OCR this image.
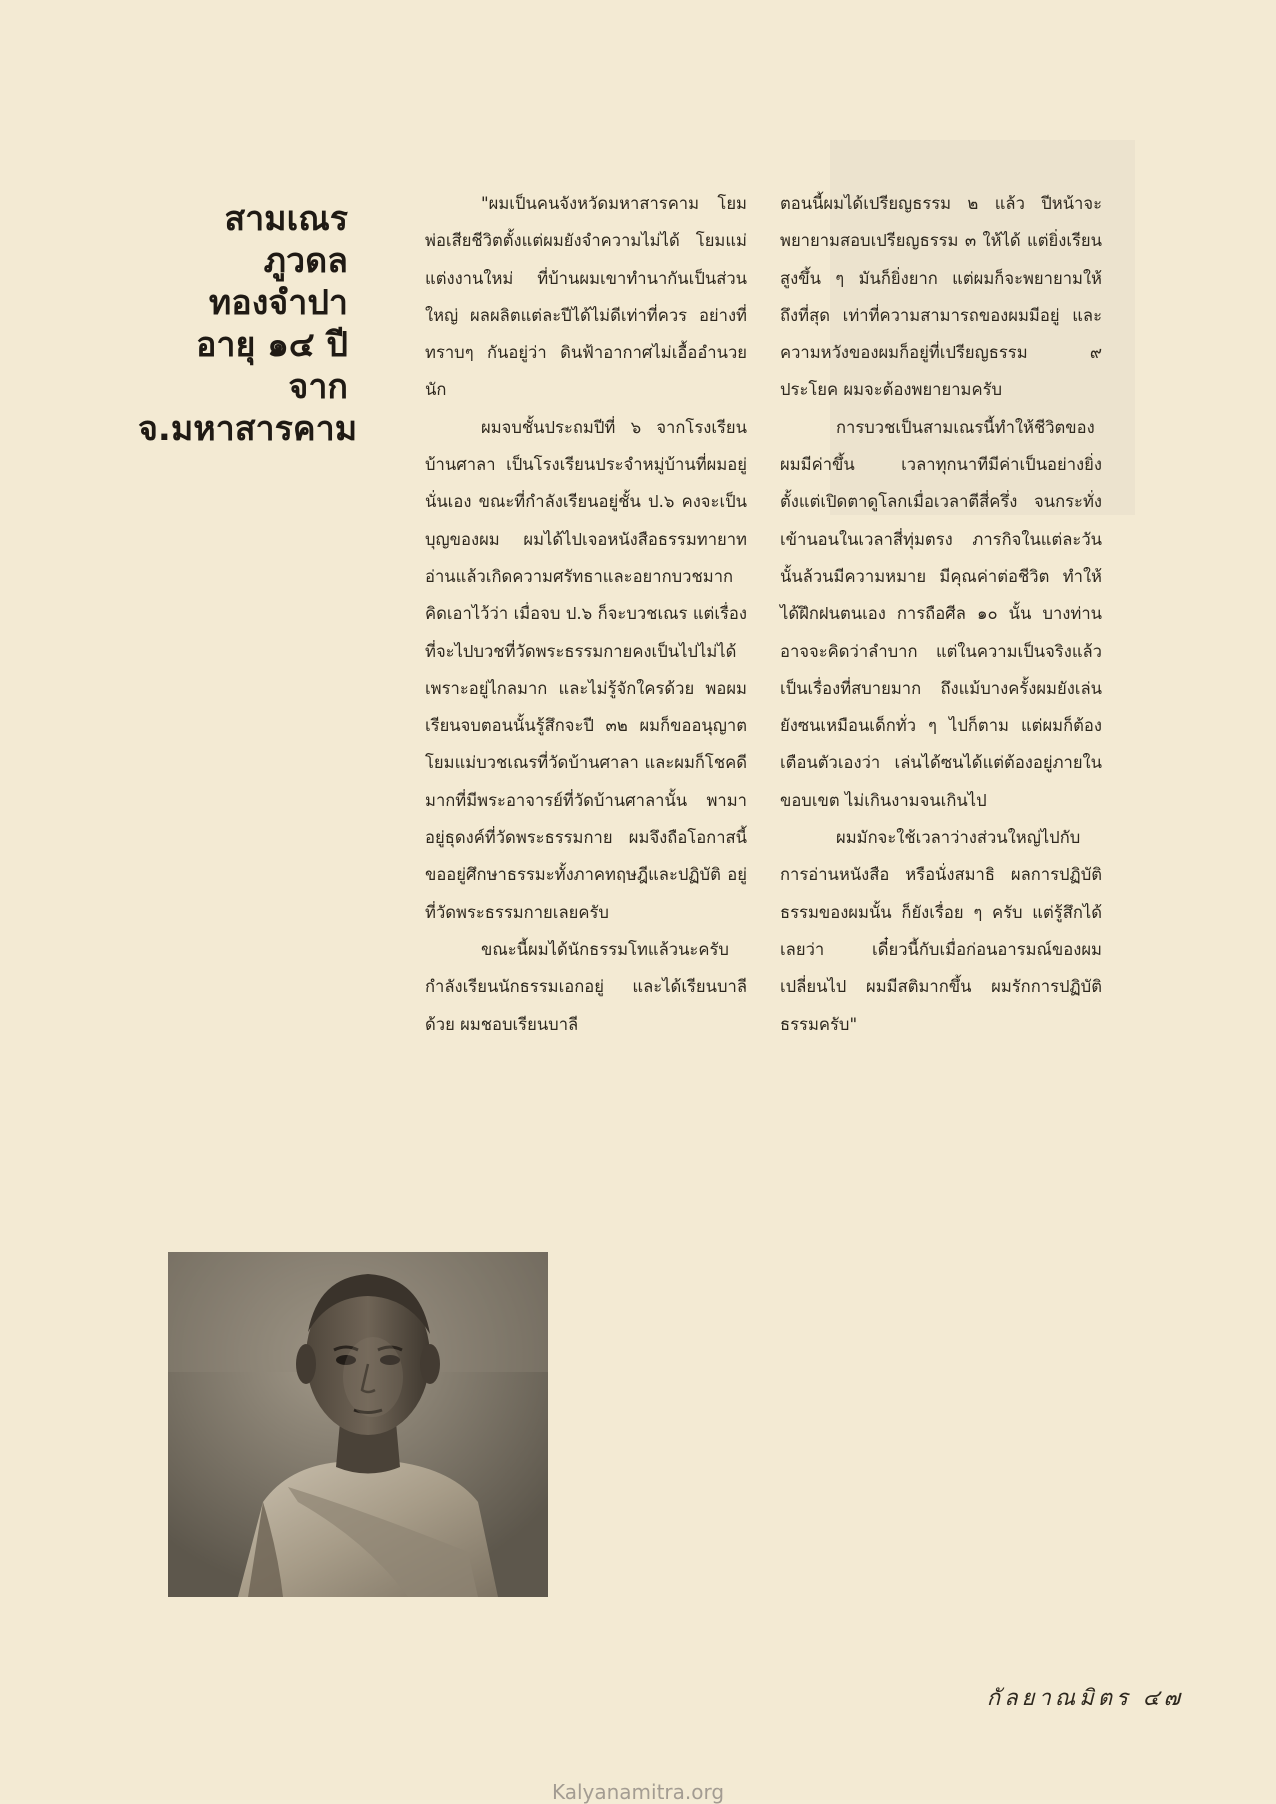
สามเณร
ภูวดล
ทองจำปา
อายุ ๑๔ ปี
จาก
จ.มหาสารคาม

"ผมเป็นคนจังหวัดมหาสารคาม โยมพ่อเสียชีวิตตั้งแต่ผมยังจำความไม่ได้ โยมแม่แต่งงานใหม่ ที่บ้านผมเขาทำนากันเป็นส่วนใหญ่ ผลผลิตแต่ละปีได้ไม่ดีเท่าที่ควร อย่างที่ทราบๆ กันอยู่ว่า ดินฟ้าอากาศไม่เอื้ออำนวยนัก

ผมจบชั้นประถมปีที่ ๖ จากโรงเรียนบ้านศาลา เป็นโรงเรียนประจำหมู่บ้านที่ผมอยู่นั่นเอง ขณะที่กำลังเรียนอยู่ชั้น ป.๖ คงจะเป็นบุญของผม ผมได้ไปเจอหนังสือธรรมทายาท อ่านแล้วเกิดความศรัทธาและอยากบวชมาก คิดเอาไว้ว่า เมื่อจบ ป.๖ ก็จะบวชเณร แต่เรื่องที่จะไปบวชที่วัดพระธรรมกายคงเป็นไปไม่ได้ เพราะอยู่ไกลมาก และไม่รู้จักใครด้วย พอผมเรียนจบตอนนั้นรู้สึกจะปี ๓๒ ผมก็ขออนุญาตโยมแม่บวชเณรที่วัดบ้านศาลา และผมก็โชคดีมากที่มีพระอาจารย์ที่วัดบ้านศาลานั้น พามาอยู่ธุดงค์ที่วัดพระธรรมกาย ผมจึงถือโอกาสนี้ ขออยู่ศึกษาธรรมะทั้งภาคทฤษฎีและปฏิบัติ อยู่ที่วัดพระธรรมกายเลยครับ

ขณะนี้ผมได้นักธรรมโทแล้วนะครับ กำลังเรียนนักธรรมเอกอยู่ และได้เรียนบาลีด้วย ผมชอบเรียนบาลี

ตอนนี้ผมได้เปรียญธรรม ๒ แล้ว ปีหน้าจะพยายามสอบเปรียญธรรม ๓ ให้ได้ แต่ยิ่งเรียนสูงขึ้น ๆ มันก็ยิ่งยาก แต่ผมก็จะพยายามให้ถึงที่สุด เท่าที่ความสามารถของผมมีอยู่ และความหวังของผมก็อยู่ที่เปรียญธรรม ๙ ประโยค ผมจะต้องพยายามครับ

การบวชเป็นสามเณรนี้ทำให้ชีวิตของผมมีค่าขึ้น เวลาทุกนาทีมีค่าเป็นอย่างยิ่ง ตั้งแต่เปิดตาดูโลกเมื่อเวลาตีสี่ครึ่ง จนกระทั่งเข้านอนในเวลาสี่ทุ่มตรง ภารกิจในแต่ละวันนั้นล้วนมีความหมาย มีคุณค่าต่อชีวิต ทำให้ได้ฝึกฝนตนเอง การถือศีล ๑๐ นั้น บางท่านอาจจะคิดว่าลำบาก แต่ในความเป็นจริงแล้ว เป็นเรื่องที่สบายมาก ถึงแม้บางครั้งผมยังเล่น ยังซนเหมือนเด็กทั่ว ๆ ไปก็ตาม แต่ผมก็ต้องเตือนตัวเองว่า เล่นได้ซนได้แต่ต้องอยู่ภายในขอบเขต ไม่เกินงามจนเกินไป

ผมมักจะใช้เวลาว่างส่วนใหญ่ไปกับการอ่านหนังสือ หรือนั่งสมาธิ ผลการปฏิบัติธรรมของผมนั้น ก็ยังเรื่อย ๆ ครับ แต่รู้สึกได้เลยว่า เดี๋ยวนี้กับเมื่อก่อนอารมณ์ของผมเปลี่ยนไป ผมมีสติมากขึ้น ผมรักการปฏิบัติธรรมครับ"

กัลยาณมิตร ๔๗
Kalyanamitra.org
